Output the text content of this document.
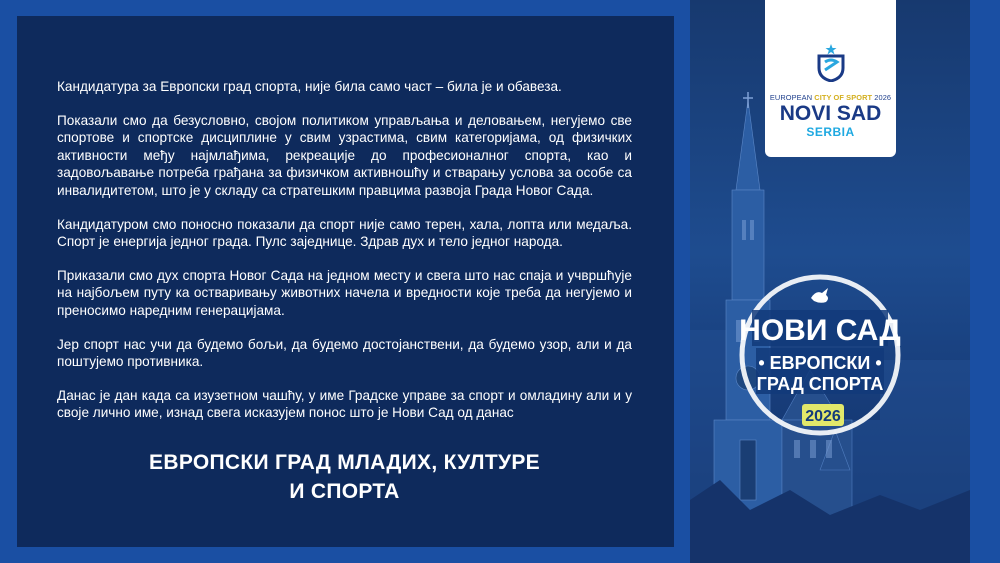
Кандидатура за Европски град спорта, није била само част – била је и обавеза.

Показали смо да безусловно, својом политиком управљања и деловањем, негујемо све спортове и спортске дисциплине у свим узрастима, свим категоријама, од физичких активности међу најмлађима, рекреације до професионалног спорта, као и задовољавање потреба грађана за физичком активношћу и стварању услова за особе са инвалидитетом, што је у складу са стратешким правцима развоја Града Новог Сада.

Кандидатуром смо поносно показали да спорт није само терен, хала, лопта или медаља. Спорт је енергија једног града. Пулс заједнице. Здрав дух и тело једног народа.

Приказали смо дух спорта Новог Сада на једном месту и свега што нас спаја и учвршћује на најбољем путу ка остваривању животних начела и вредности које треба да негујемо и преносимо наредним генерацијама.

Јер спорт нас учи да будемо бољи, да будемо достојанствени, да будемо узор, али и да поштујемо противника.

Данас је дан када са изузетном чашћу, у име Градске управе за спорт и омладину али и у своје лично име, изнад свега исказујем понос што је Нови Сад од данас

ЕВРОПСКИ ГРАД МЛАДИХ, КУЛТУРЕ
И СПОРТА
EUROPEAN CITY OF SPORT 2026
NOVI SAD
SERBIA
НОВИ САД
• ЕВРОПСКИ •
ГРАД СПОРТА
2026
